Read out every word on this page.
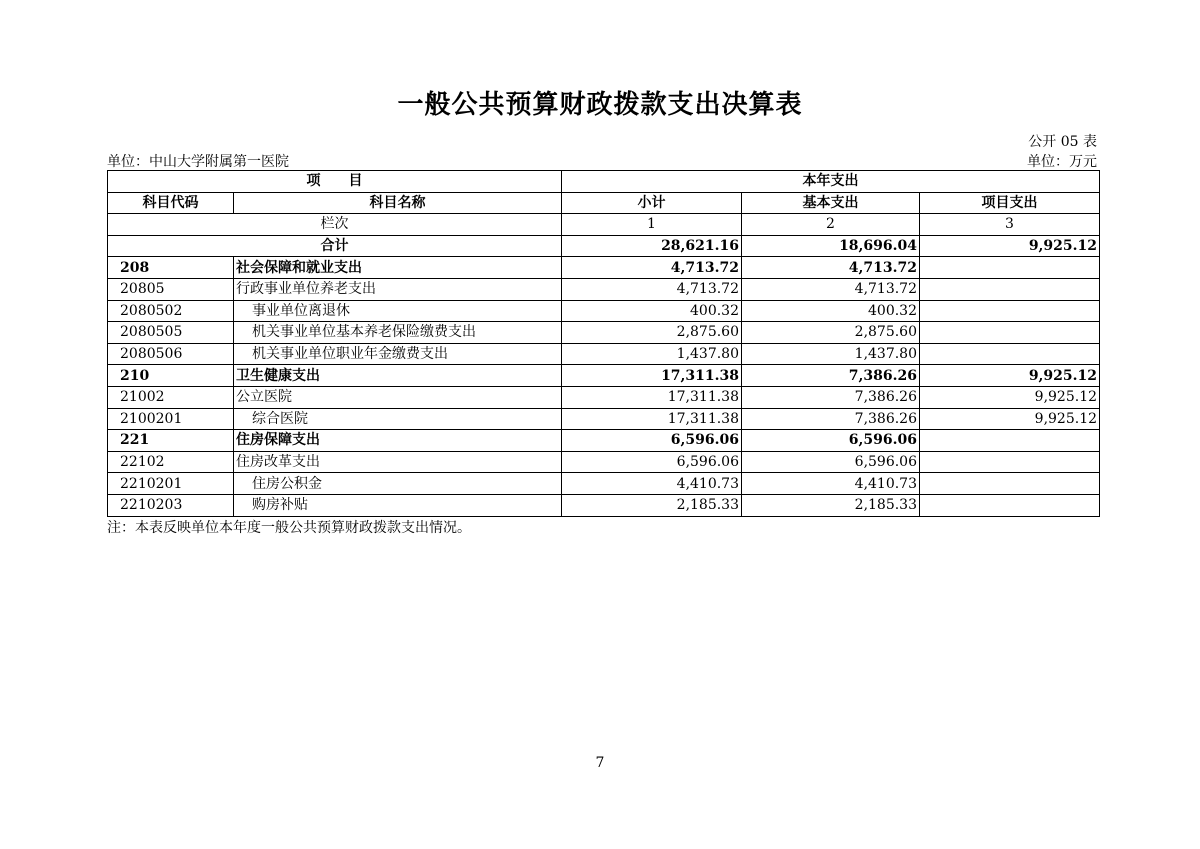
一般公共预算财政拨款支出决算表
公开 05 表
单位：中山大学附属第一医院	单位：万元
项　　目		本年支出		
科目代码	科目名称	小计	基本支出	项目支出
栏次		1	2	3
合计		28,621.16	18,696.04	9,925.12
208	社会保障和就业支出	4,713.72	4,713.72	
20805	行政事业单位养老支出	4,713.72	4,713.72	
2080502	事业单位离退休	400.32	400.32	
2080505	机关事业单位基本养老保险缴费支出	2,875.60	2,875.60	
2080506	机关事业单位职业年金缴费支出	1,437.80	1,437.80	
210	卫生健康支出	17,311.38	7,386.26	9,925.12
21002	公立医院	17,311.38	7,386.26	9,925.12
2100201	综合医院	17,311.38	7,386.26	9,925.12
221	住房保障支出	6,596.06	6,596.06	
22102	住房改革支出	6,596.06	6,596.06	
2210201	住房公积金	4,410.73	4,410.73	
2210203	购房补贴	2,185.33	2,185.33	
注：本表反映单位本年度一般公共预算财政拨款支出情况。
7
